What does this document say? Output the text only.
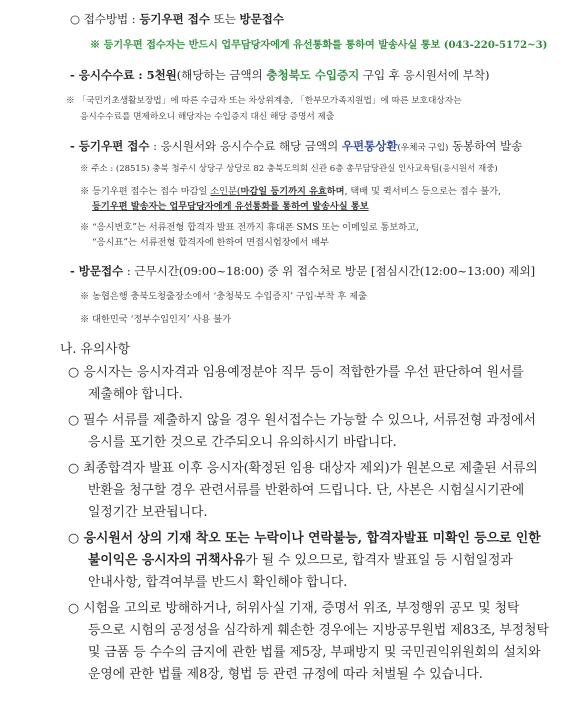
○ 접수방법 : 등기우편 접수 또는 방문접수
※ 등기우편 접수자는 반드시 업무담당자에게 유선통화를 통하여 발송사실 통보 (043-220-5172~3)
- 응시수수료 : 5천원(해당하는 금액의 충청북도 수입증지 구입 후 응시원서에 부착)
※ 「국민기초생활보장법」에 따른 수급자 또는 차상위계층, 「한부모가족지원법」에 따른 보호대상자는
응시수수료를 면제하오니 해당자는 수입증지 대신 해당 증명서 제출
- 등기우편 접수 : 응시원서와 응시수수료 해당 금액의 우편통상환(우체국 구입) 동봉하여 발송
※ 주소 : (28515) 충북 청주시 상당구 상당로 82 충북도의회 신관 6층 총무담당관실 인사교육팀(응시원서 재중)
※ 등기우편 접수는 접수 마감일 소인분(마감일 등기까지 유효하며, 택배 및 퀵서비스 등으로는 접수 불가,
등기우편 발송자는 업무담당자에게 유선통화를 통하여 발송사실 통보
※ “응시번호”는 서류전형 합격자 발표 전까지 휴대폰 SMS 또는 이메일로 통보하고,
“응시표”는 서류전형 합격자에 한하여 면접시험장에서 배부
- 방문접수 : 근무시간(09:00~18:00) 중 위 접수처로 방문 [점심시간(12:00~13:00) 제외]
※ 농협은행 충북도청출장소에서 ‘충청북도 수입증지’ 구입·부착 후 제출
※ 대한민국 ‘정부수입인지’ 사용 불가
나. 유의사항
○ 응시자는 응시자격과 임용예정분야 직무 등이 적합한가를 우선 판단하여 원서를
제출해야 합니다.
○ 필수 서류를 제출하지 않을 경우 원서접수는 가능할 수 있으나, 서류전형 과정에서
응시를 포기한 것으로 간주되오니 유의하시기 바랍니다.
○ 최종합격자 발표 이후 응시자(확정된 임용 대상자 제외)가 원본으로 제출된 서류의
반환을 청구할 경우 관련서류를 반환하여 드립니다. 단, 사본은 시험실시기관에
일정기간 보관됩니다.
○ 응시원서 상의 기재 착오 또는 누락이나 연락불능, 합격자발표 미확인 등으로 인한
불이익은 응시자의 귀책사유가 될 수 있으므로, 합격자 발표일 등 시험일정과
안내사항, 합격여부를 반드시 확인해야 합니다.
○ 시험을 고의로 방해하거나, 허위사실 기재, 증명서 위조, 부정행위 공모 및 청탁
등으로 시험의 공정성을 심각하게 훼손한 경우에는 지방공무원법 제83조, 부정청탁
및 금품 등 수수의 금지에 관한 법률 제5장, 부패방지 및 국민권익위원회의 설치와
운영에 관한 법률 제8장, 형법 등 관련 규정에 따라 처벌될 수 있습니다.
